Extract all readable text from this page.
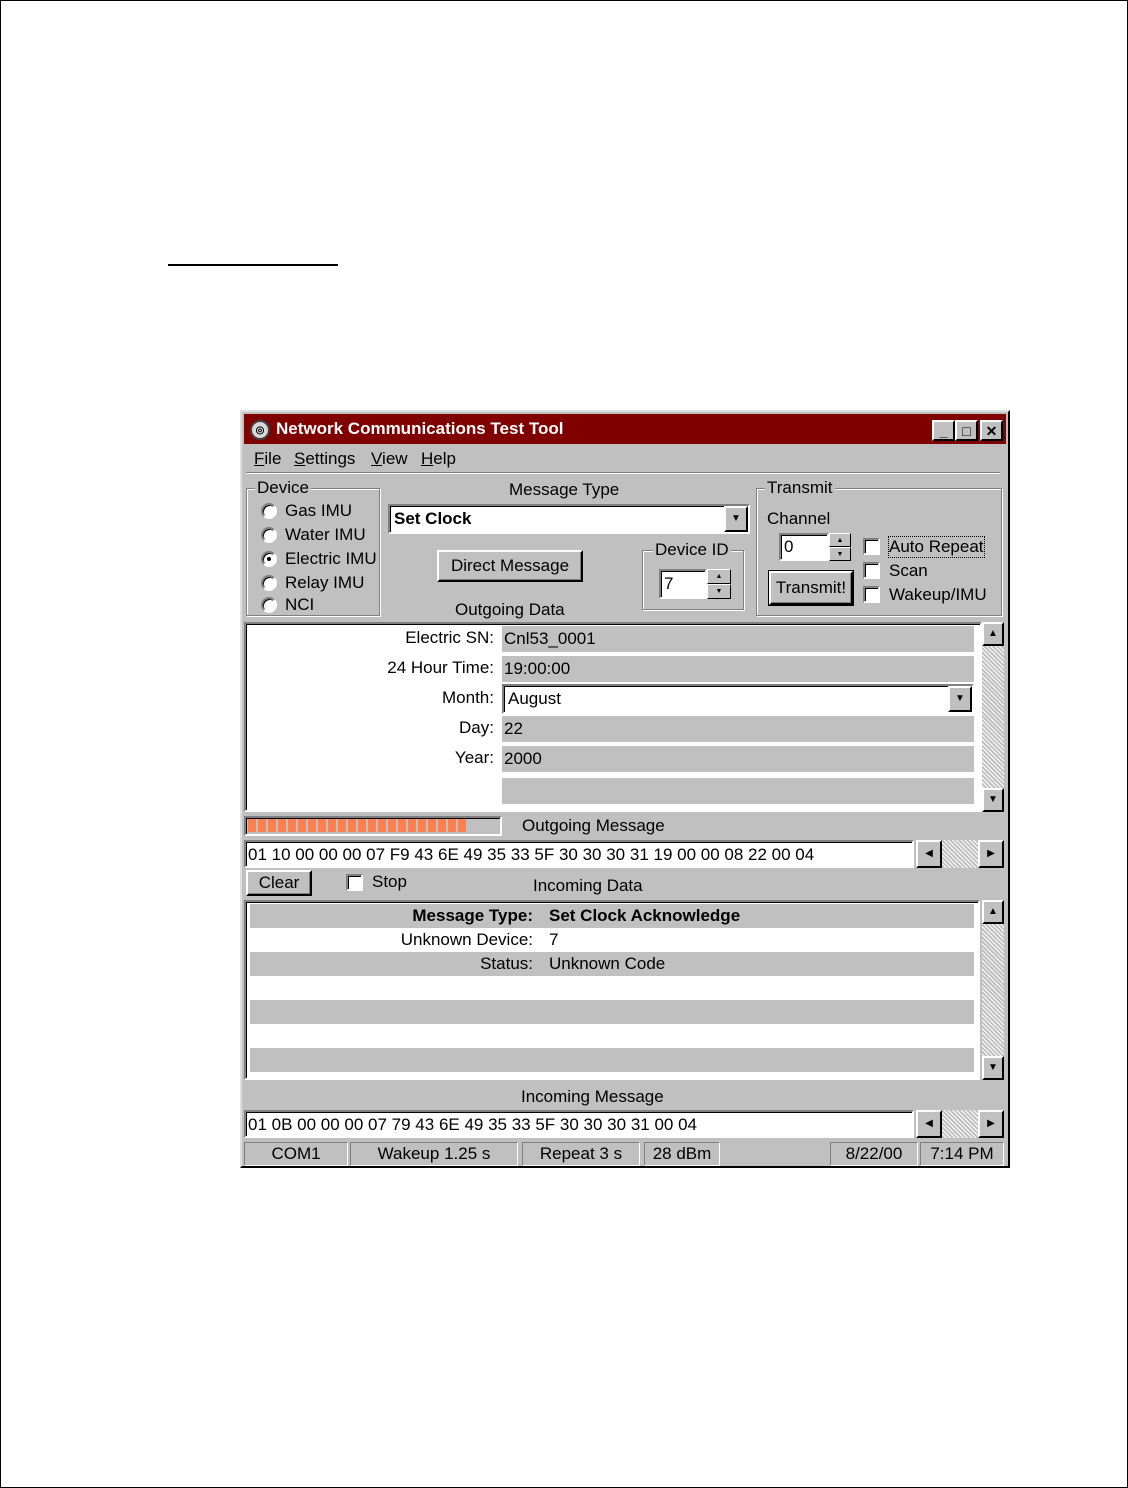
◎ Network Communications Test Tool	_ □ ✕
File Settings View Help
Device
Gas IMU
Water IMU
Electric IMU
Relay IMU
NCI
Message Type
Set Clock	▼
Direct Message
Outgoing Data
Device ID
7	▲
▼
Transmit
Channel
0	▲
▼
Transmit!
Auto Repeat
Scan
Wakeup/IMU
Electric SN: Cnl53_0001
24 Hour Time: 19:00:00
Month: August	▼
Day: 22
Year: 2000
▲
▼
Outgoing Message
01 10 00 00 00 07 F9 43 6E 49 35 33 5F 30 30 30 31 19 00 00 08 22 00 04	◀	▶
Clear	Stop	Incoming Data
Message Type: Set Clock Acknowledge
Unknown Device: 7
Status: Unknown Code
▲
▼
Incoming Message
01 0B 00 00 00 07 79 43 6E 49 35 33 5F 30 30 30 31 00 04	◀	▶
COM1	Wakeup 1.25 s	Repeat 3 s	28 dBm	8/22/00	7:14 PM
